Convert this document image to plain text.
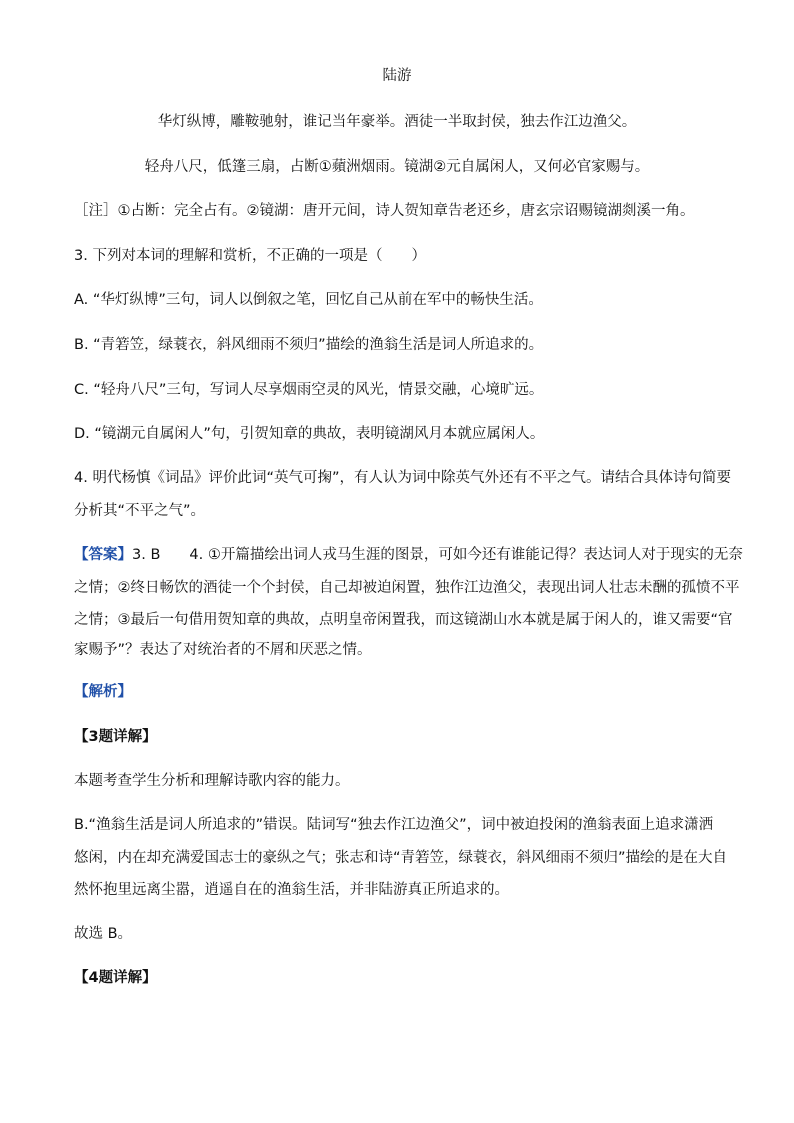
陆游
华灯纵博，雕鞍驰射，谁记当年豪举。酒徒一半取封侯，独去作江边渔父。
轻舟八尺，低篷三扇，占断①蘋洲烟雨。镜湖②元自属闲人，又何必官家赐与。
［注］①占断：完全占有。②镜湖：唐开元间，诗人贺知章告老还乡，唐玄宗诏赐镜湖剡溪一角。
3. 下列对本词的理解和赏析，不正确的一项是（　　）
A. “华灯纵博”三句，词人以倒叙之笔，回忆自己从前在军中的畅快生活。
B. “青箬笠，绿蓑衣，斜风细雨不须归”描绘的渔翁生活是词人所追求的。
C. “轻舟八尺”三句，写词人尽享烟雨空灵的风光，情景交融，心境旷远。
D. “镜湖元自属闲人”句，引贺知章的典故，表明镜湖风月本就应属闲人。
4. 明代杨慎《词品》评价此词“英气可掬”，有人认为词中除英气外还有不平之气。请结合具体诗句简要
分析其“不平之气”。
【答案】3. B　　4. ①开篇描绘出词人戎马生涯的图景，可如今还有谁能记得？表达词人对于现实的无奈
之情；②终日畅饮的酒徒一个个封侯，自己却被迫闲置，独作江边渔父，表现出词人壮志未酬的孤愤不平
之情；③最后一句借用贺知章的典故，点明皇帝闲置我，而这镜湖山水本就是属于闲人的，谁又需要“官
家赐予”？表达了对统治者的不屑和厌恶之情。
【解析】
【3题详解】
本题考查学生分析和理解诗歌内容的能力。
B.“渔翁生活是词人所追求的”错误。陆词写“独去作江边渔父”，词中被迫投闲的渔翁表面上追求潇洒
悠闲，内在却充满爱国志士的豪纵之气；张志和诗“青箬笠，绿蓑衣，斜风细雨不须归”描绘的是在大自
然怀抱里远离尘嚣，逍遥自在的渔翁生活，并非陆游真正所追求的。
故选 B。
【4题详解】
